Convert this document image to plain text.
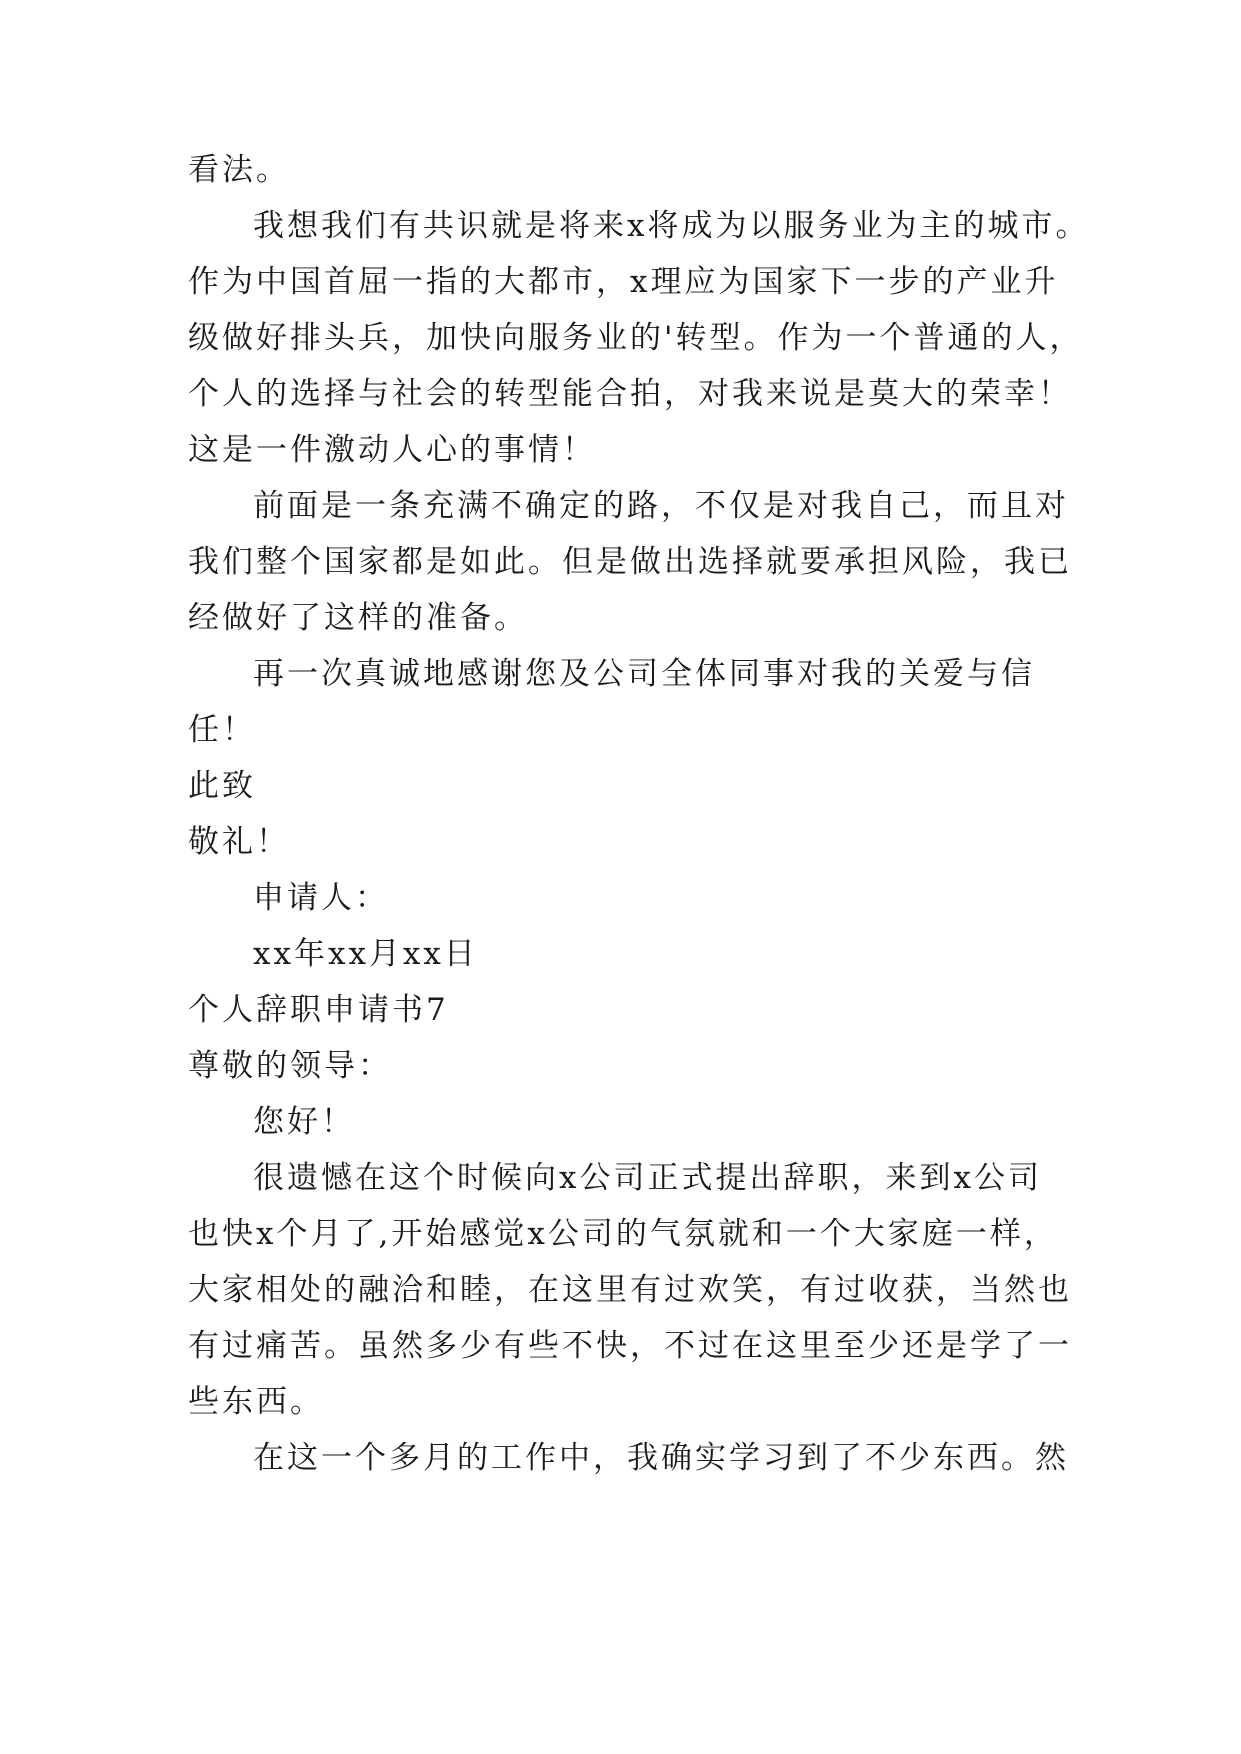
看法。
我想我们有共识就是将来x将成为以服务业为主的城市。
作为中国首屈一指的大都市，x理应为国家下一步的产业升
级做好排头兵，加快向服务业的'转型。作为一个普通的人，
个人的选择与社会的转型能合拍，对我来说是莫大的荣幸！
这是一件激动人心的事情！
前面是一条充满不确定的路，不仅是对我自己，而且对
我们整个国家都是如此。但是做出选择就要承担风险，我已
经做好了这样的准备。
再一次真诚地感谢您及公司全体同事对我的关爱与信
任！
此致
敬礼！
申请人：
xx年xx月xx日
个人辞职申请书7
尊敬的领导：
您好！
很遗憾在这个时候向x公司正式提出辞职，来到x公司
也快x个月了,开始感觉x公司的气氛就和一个大家庭一样，
大家相处的融洽和睦，在这里有过欢笑，有过收获，当然也
有过痛苦。虽然多少有些不快，不过在这里至少还是学了一
些东西。
在这一个多月的工作中，我确实学习到了不少东西。然
